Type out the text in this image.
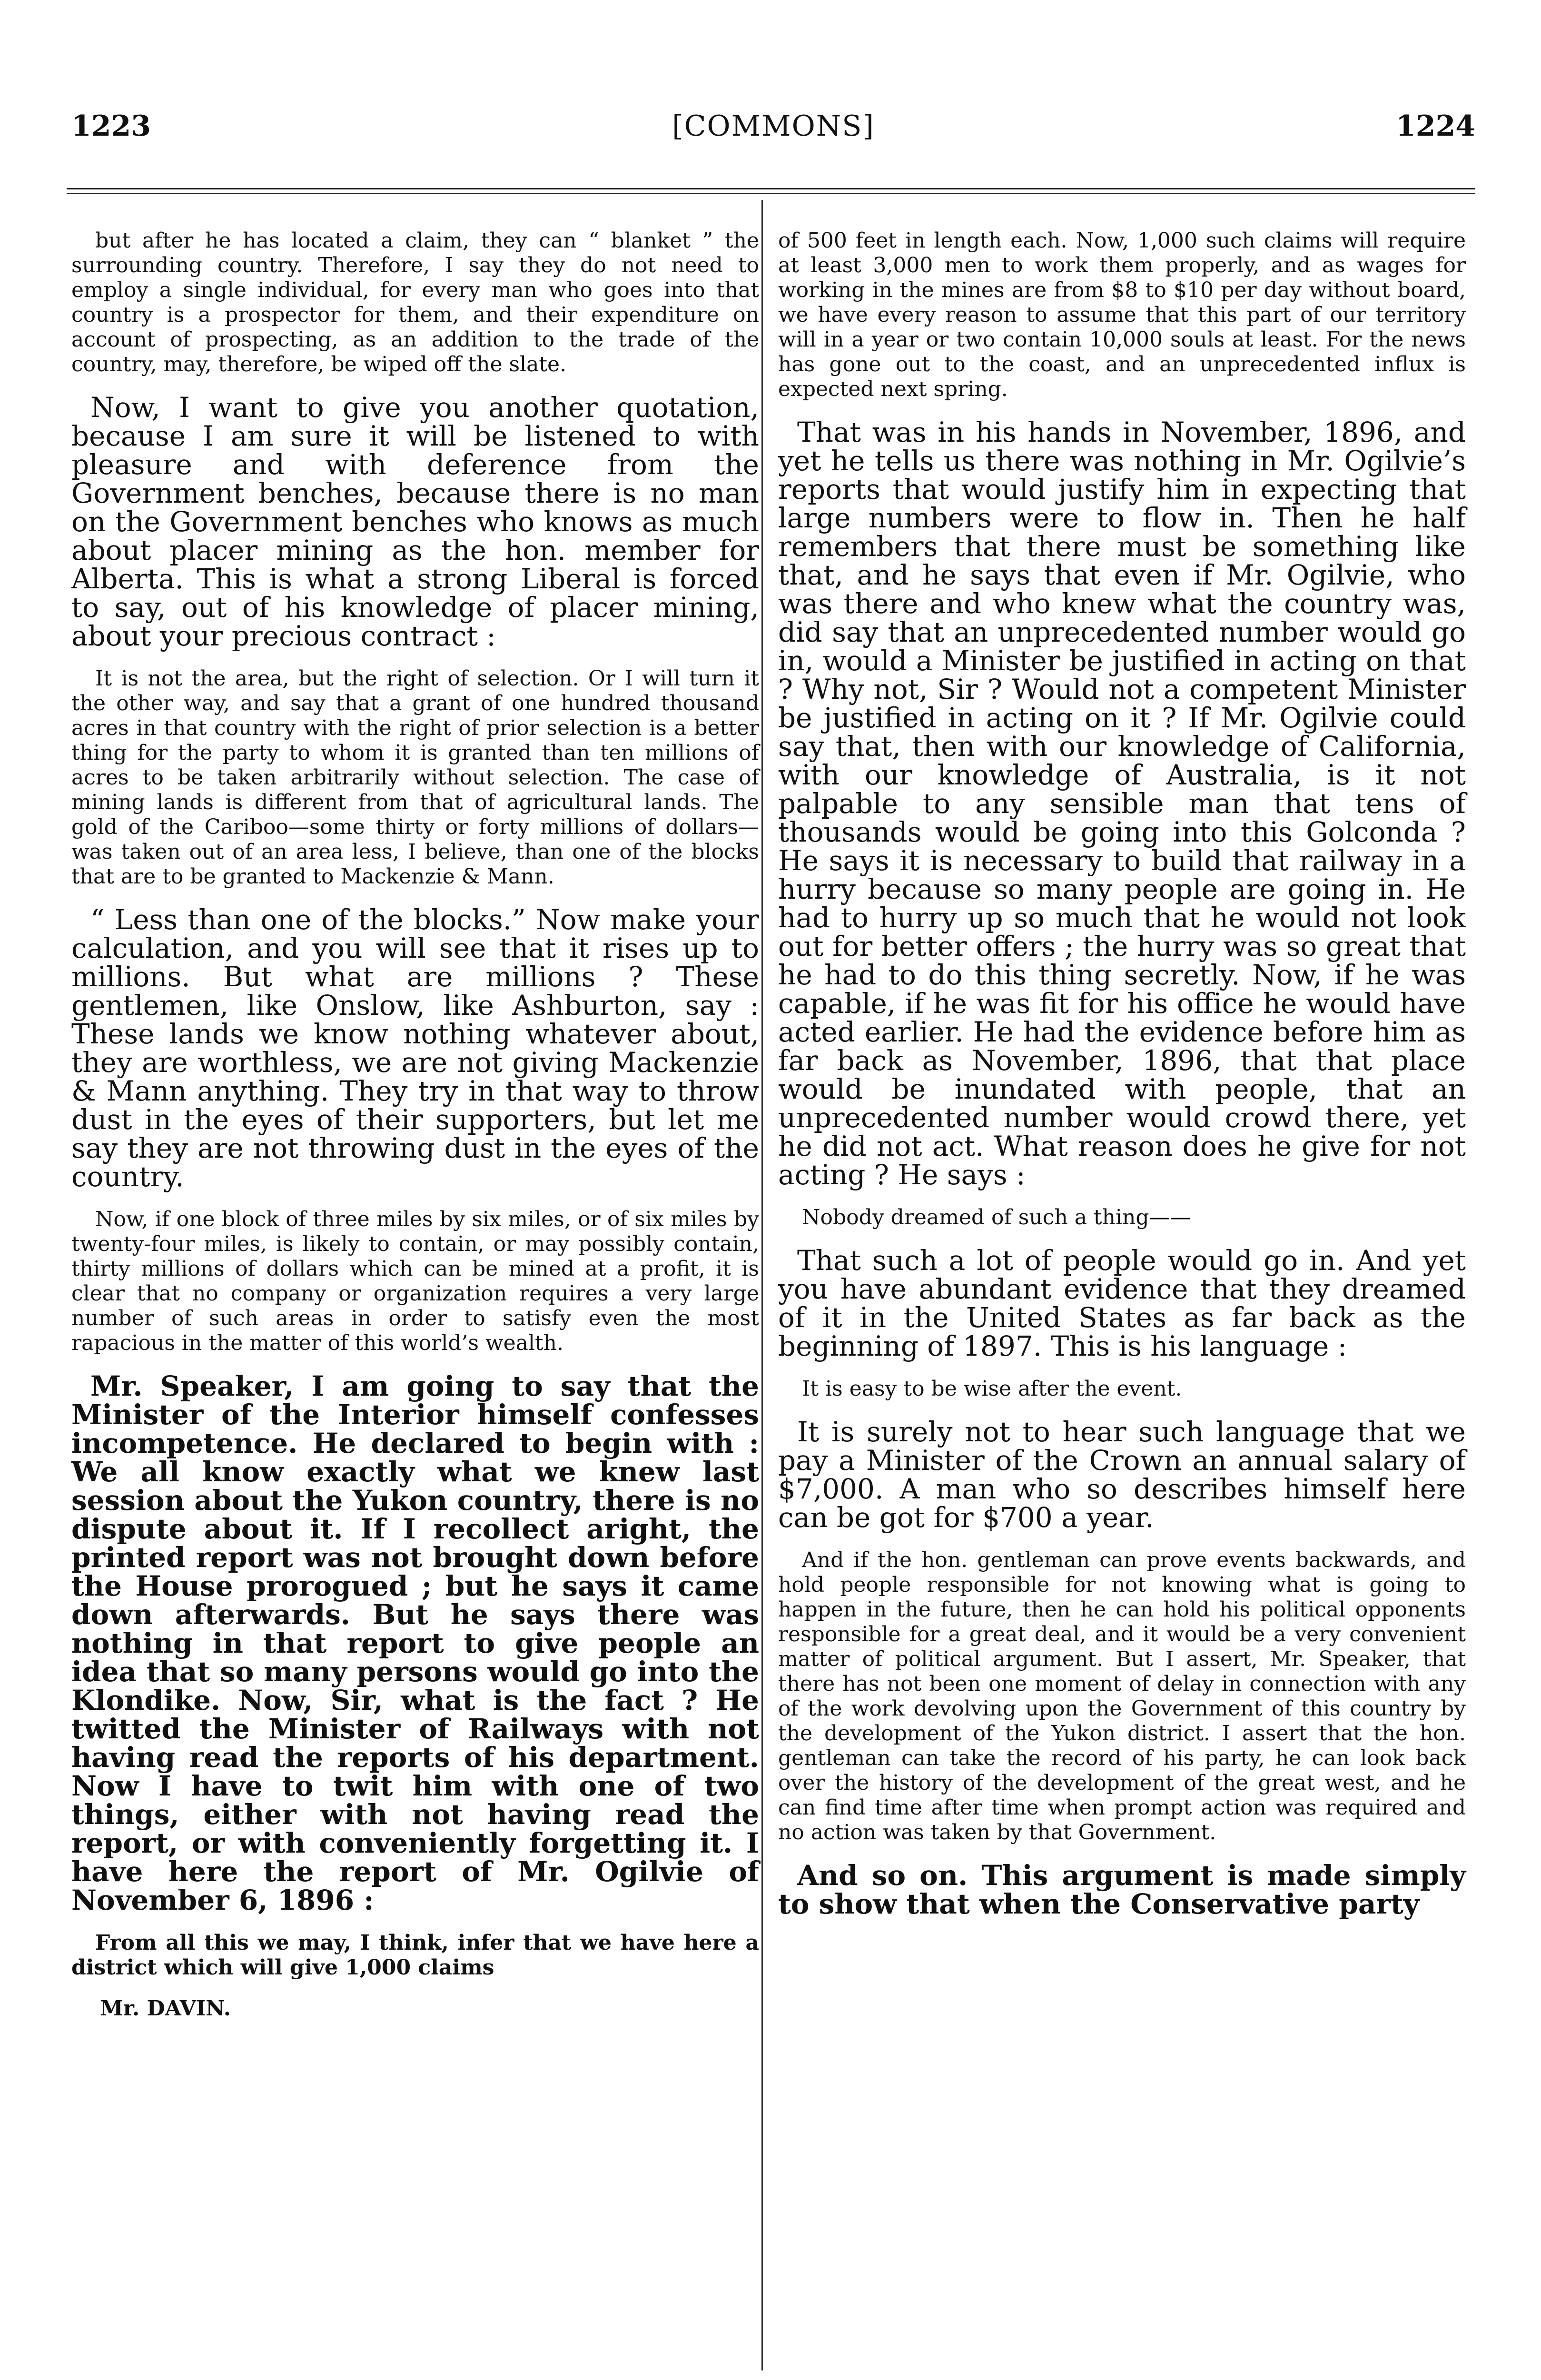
1223	[COMMONS]	1224

but after he has located a claim, they can “ blanket ” the surrounding country. Therefore, I say they do not need to employ a single individual, for every man who goes into that country is a prospector for them, and their expenditure on account of prospecting, as an addition to the trade of the country, may, therefore, be wiped off the slate.

Now, I want to give you another quotation, because I am sure it will be listened to with pleasure and with deference from the Government benches, because there is no man on the Government benches who knows as much about placer mining as the hon. member for Alberta. This is what a strong Liberal is forced to say, out of his knowledge of placer mining, about your precious contract :

It is not the area, but the right of selection. Or I will turn it the other way, and say that a grant of one hundred thousand acres in that country with the right of prior selection is a better thing for the party to whom it is granted than ten millions of acres to be taken arbitrarily without selection. The case of mining lands is different from that of agricultural lands. The gold of the Cariboo—some thirty or forty millions of dollars—was taken out of an area less, I believe, than one of the blocks that are to be granted to Mackenzie & Mann.

“ Less than one of the blocks.” Now make your calculation, and you will see that it rises up to millions. But what are millions ? These gentlemen, like Onslow, like Ashburton, say : These lands we know nothing whatever about, they are worthless, we are not giving Mackenzie & Mann anything. They try in that way to throw dust in the eyes of their supporters, but let me say they are not throwing dust in the eyes of the country.

Now, if one block of three miles by six miles, or of six miles by twenty-four miles, is likely to contain, or may possibly contain, thirty millions of dollars which can be mined at a profit, it is clear that no company or organization requires a very large number of such areas in order to satisfy even the most rapacious in the matter of this world’s wealth.

Mr. Speaker, I am going to say that the Minister of the Interior himself confesses incompetence. He declared to begin with : We all know exactly what we knew last session about the Yukon country, there is no dispute about it. If I recollect aright, the printed report was not brought down before the House prorogued ; but he says it came down afterwards. But he says there was nothing in that report to give people an idea that so many persons would go into the Klondike. Now, Sir, what is the fact ? He twitted the Minister of Railways with not having read the reports of his department. Now I have to twit him with one of two things, either with not having read the report, or with conveniently forgetting it. I have here the report of Mr. Ogilvie of November 6, 1896 :

From all this we may, I think, infer that we have here a district which will give 1,000 claims

Mr. DAVIN.

of 500 feet in length each. Now, 1,000 such claims will require at least 3,000 men to work them properly, and as wages for working in the mines are from $8 to $10 per day without board, we have every reason to assume that this part of our territory will in a year or two contain 10,000 souls at least. For the news has gone out to the coast, and an unprecedented influx is expected next spring.

That was in his hands in November, 1896, and yet he tells us there was nothing in Mr. Ogilvie’s reports that would justify him in expecting that large numbers were to flow in. Then he half remembers that there must be something like that, and he says that even if Mr. Ogilvie, who was there and who knew what the country was, did say that an unprecedented number would go in, would a Minister be justified in acting on that ? Why not, Sir ? Would not a competent Minister be justified in acting on it ? If Mr. Ogilvie could say that, then with our knowledge of California, with our knowledge of Australia, is it not palpable to any sensible man that tens of thousands would be going into this Golconda ? He says it is necessary to build that railway in a hurry because so many people are going in. He had to hurry up so much that he would not look out for better offers ; the hurry was so great that he had to do this thing secretly. Now, if he was capable, if he was fit for his office he would have acted earlier. He had the evidence before him as far back as November, 1896, that that place would be inundated with people, that an unprecedented number would crowd there, yet he did not act. What reason does he give for not acting ? He says :

Nobody dreamed of such a thing——

That such a lot of people would go in. And yet you have abundant evidence that they dreamed of it in the United States as far back as the beginning of 1897. This is his language :

It is easy to be wise after the event.

It is surely not to hear such language that we pay a Minister of the Crown an annual salary of $7,000. A man who so describes himself here can be got for $700 a year.

And if the hon. gentleman can prove events backwards, and hold people responsible for not knowing what is going to happen in the future, then he can hold his political opponents responsible for a great deal, and it would be a very convenient matter of political argument. But I assert, Mr. Speaker, that there has not been one moment of delay in connection with any of the work devolving upon the Government of this country by the development of the Yukon district. I assert that the hon. gentleman can take the record of his party, he can look back over the history of the development of the great west, and he can find time after time when prompt action was required and no action was taken by that Government.

And so on. This argument is made simply to show that when the Conservative party
